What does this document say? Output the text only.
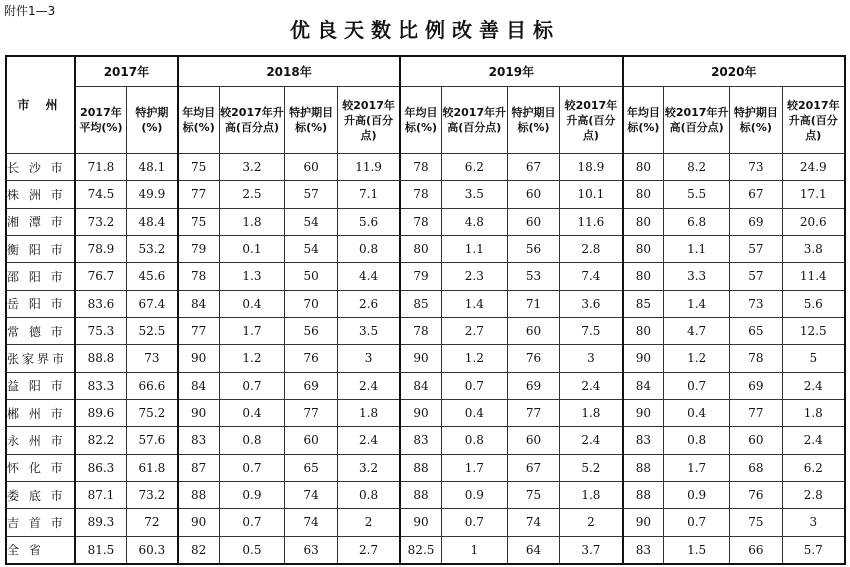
附件1—3
优良天数比例改善目标
市 州	2017年		2018年				2019年				2020年			
	2017年平均(%)	特护期(%)	年均目标(%)	较2017年升高(百分点)	特护期目 标(%)	较2017年升高(百分点)	年均目标(%)	较2017年升高(百分点)	特护期目 标(%)	较2017年升高(百分点)	年均目标(%)	较2017年升高(百分点)	特护期目 标(%)	较2017年升高(百分点)
长 沙 市	71.8	48.1	75	3.2	60	11.9	78	6.2	67	18.9	80	8.2	73	24.9
株 洲 市	74.5	49.9	77	2.5	57	7.1	78	3.5	60	10.1	80	5.5	67	17.1
湘 潭 市	73.2	48.4	75	1.8	54	5.6	78	4.8	60	11.6	80	6.8	69	20.6
衡 阳 市	78.9	53.2	79	0.1	54	0.8	80	1.1	56	2.8	80	1.1	57	3.8
邵 阳 市	76.7	45.6	78	1.3	50	4.4	79	2.3	53	7.4	80	3.3	57	11.4
岳 阳 市	83.6	67.4	84	0.4	70	2.6	85	1.4	71	3.6	85	1.4	73	5.6
常 德 市	75.3	52.5	77	1.7	56	3.5	78	2.7	60	7.5	80	4.7	65	12.5
张家界市	88.8	73	90	1.2	76	3	90	1.2	76	3	90	1.2	78	5
益 阳 市	83.3	66.6	84	0.7	69	2.4	84	0.7	69	2.4	84	0.7	69	2.4
郴 州 市	89.6	75.2	90	0.4	77	1.8	90	0.4	77	1.8	90	0.4	77	1.8
永 州 市	82.2	57.6	83	0.8	60	2.4	83	0.8	60	2.4	83	0.8	60	2.4
怀 化 市	86.3	61.8	87	0.7	65	3.2	88	1.7	67	5.2	88	1.7	68	6.2
娄 底 市	87.1	73.2	88	0.9	74	0.8	88	0.9	75	1.8	88	0.9	76	2.8
吉 首 市	89.3	72	90	0.7	74	2	90	0.7	74	2	90	0.7	75	3
全 省	81.5	60.3	82	0.5	63	2.7	82.5	1	64	3.7	83	1.5	66	5.7
